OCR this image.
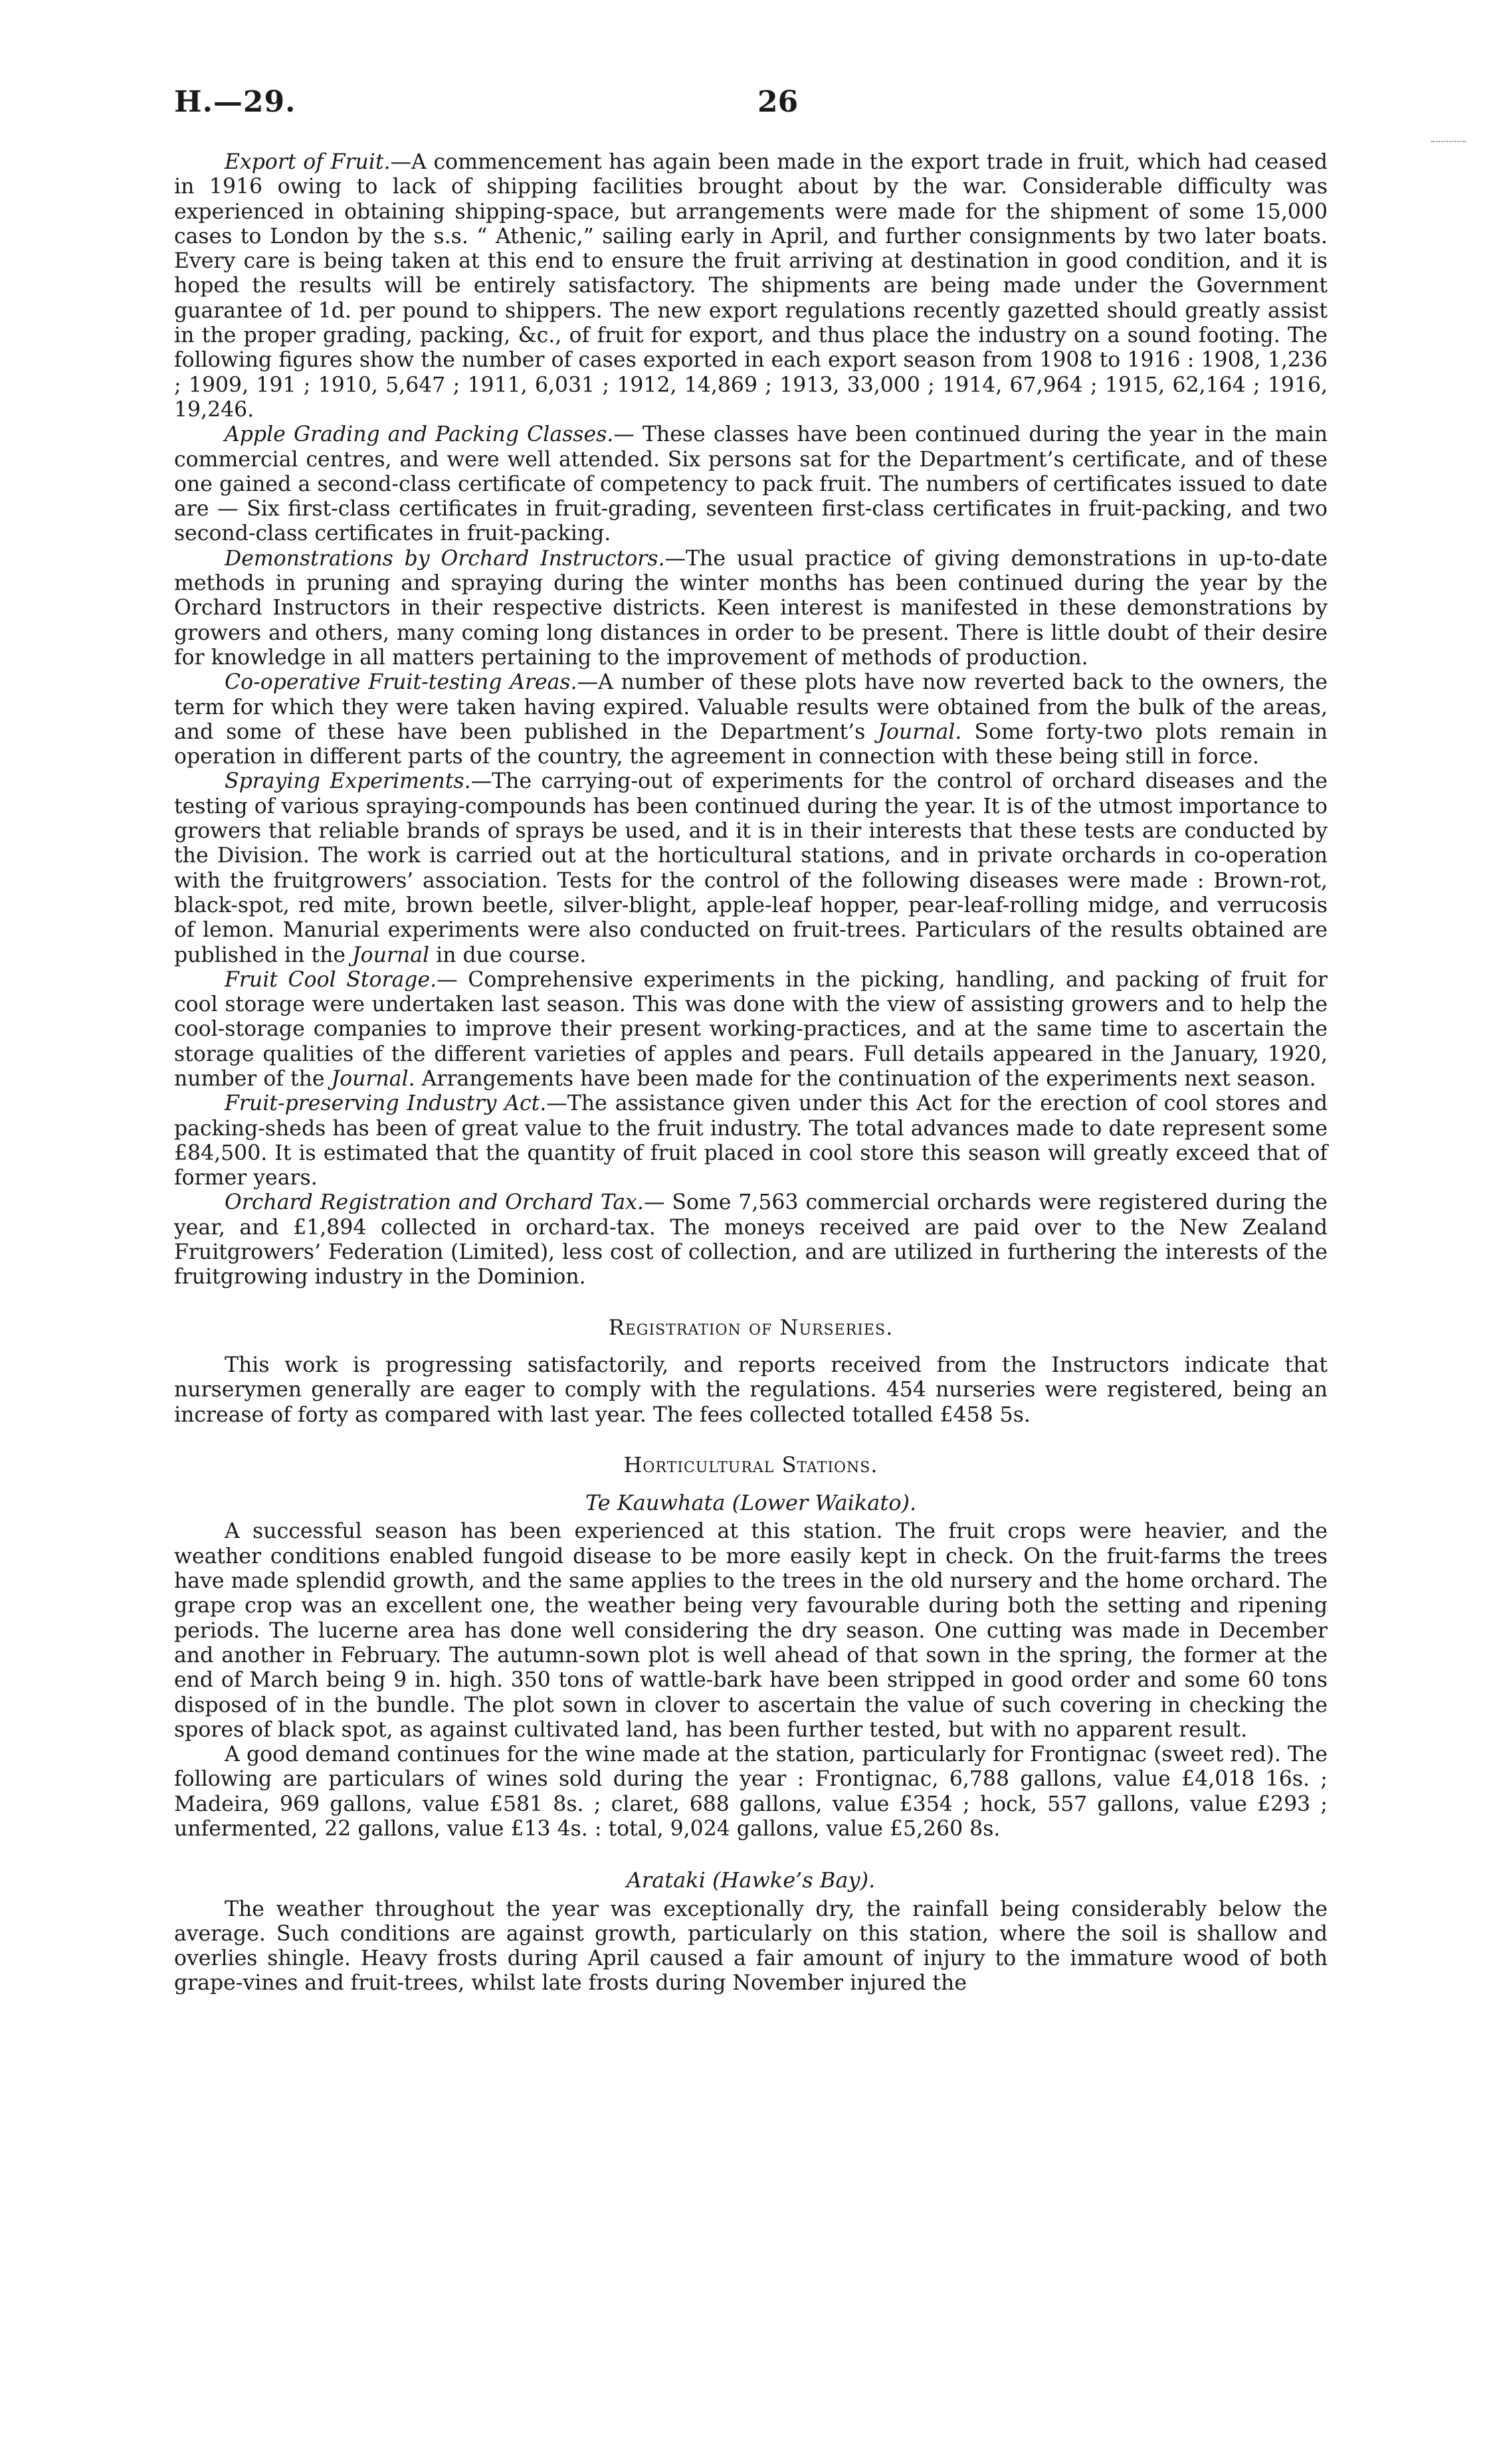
H.—29.	26

Export of Fruit.—A commencement has again been made in the export trade in fruit, which had ceased in 1916 owing to lack of shipping facilities brought about by the war. Considerable difficulty was experienced in obtaining shipping-space, but arrangements were made for the shipment of some 15,000 cases to London by the s.s. “ Athenic,” sailing early in April, and further consignments by two later boats. Every care is being taken at this end to ensure the fruit arriving at destination in good condition, and it is hoped the results will be entirely satisfactory. The shipments are being made under the Government guarantee of 1d. per pound to shippers. The new export regulations recently gazetted should greatly assist in the proper grading, packing, &c., of fruit for export, and thus place the industry on a sound footing. The following figures show the number of cases exported in each export season from 1908 to 1916 : 1908, 1,236 ; 1909, 191 ; 1910, 5,647 ; 1911, 6,031 ; 1912, 14,869 ; 1913, 33,000 ; 1914, 67,964 ; 1915, 62,164 ; 1916, 19,246.

Apple Grading and Packing Classes.— These classes have been continued during the year in the main commercial centres, and were well attended. Six persons sat for the Department’s certificate, and of these one gained a second-class certificate of competency to pack fruit. The numbers of certificates issued to date are — Six first-class certificates in fruit-grading, seventeen first-class certificates in fruit-packing, and two second-class certificates in fruit-packing.

Demonstrations by Orchard Instructors.—The usual practice of giving demonstrations in up-to-date methods in pruning and spraying during the winter months has been continued during the year by the Orchard Instructors in their respective districts. Keen interest is manifested in these demonstrations by growers and others, many coming long distances in order to be present. There is little doubt of their desire for knowledge in all matters pertaining to the improvement of methods of production.

Co-operative Fruit-testing Areas.—A number of these plots have now reverted back to the owners, the term for which they were taken having expired. Valuable results were obtained from the bulk of the areas, and some of these have been published in the Department’s Journal. Some forty-two plots remain in operation in different parts of the country, the agreement in connection with these being still in force.

Spraying Experiments.—The carrying-out of experiments for the control of orchard diseases and the testing of various spraying-compounds has been continued during the year. It is of the utmost importance to growers that reliable brands of sprays be used, and it is in their interests that these tests are conducted by the Division. The work is carried out at the horticultural stations, and in private orchards in co-operation with the fruitgrowers’ association. Tests for the control of the following diseases were made : Brown-rot, black-spot, red mite, brown beetle, silver-blight, apple-leaf hopper, pear-leaf-rolling midge, and verrucosis of lemon. Manurial experiments were also conducted on fruit-trees. Particulars of the results obtained are published in the Journal in due course.

Fruit Cool Storage.— Comprehensive experiments in the picking, handling, and packing of fruit for cool storage were undertaken last season. This was done with the view of assisting growers and to help the cool-storage companies to improve their present working-practices, and at the same time to ascertain the storage qualities of the different varieties of apples and pears. Full details appeared in the January, 1920, number of the Journal. Arrangements have been made for the continuation of the experiments next season.

Fruit-preserving Industry Act.—The assistance given under this Act for the erection of cool stores and packing-sheds has been of great value to the fruit industry. The total advances made to date represent some £84,500. It is estimated that the quantity of fruit placed in cool store this season will greatly exceed that of former years.

Orchard Registration and Orchard Tax.— Some 7,563 commercial orchards were registered during the year, and £1,894 collected in orchard-tax. The moneys received are paid over to the New Zealand Fruitgrowers’ Federation (Limited), less cost of collection, and are utilized in furthering the interests of the fruitgrowing industry in the Dominion.

Registration of Nurseries.

This work is progressing satisfactorily, and reports received from the Instructors indicate that nurserymen generally are eager to comply with the regulations. 454 nurseries were registered, being an increase of forty as compared with last year. The fees collected totalled £458 5s.

Horticultural Stations.
Te Kauwhata (Lower Waikato).

A successful season has been experienced at this station. The fruit crops were heavier, and the weather conditions enabled fungoid disease to be more easily kept in check. On the fruit-farms the trees have made splendid growth, and the same applies to the trees in the old nursery and the home orchard. The grape crop was an excellent one, the weather being very favourable during both the setting and ripening periods. The lucerne area has done well considering the dry season. One cutting was made in December and another in February. The autumn-sown plot is well ahead of that sown in the spring, the former at the end of March being 9 in. high. 350 tons of wattle-bark have been stripped in good order and some 60 tons disposed of in the bundle. The plot sown in clover to ascertain the value of such covering in checking the spores of black spot, as against cultivated land, has been further tested, but with no apparent result.

A good demand continues for the wine made at the station, particularly for Frontignac (sweet red). The following are particulars of wines sold during the year : Frontignac, 6,788 gallons, value £4,018 16s. ; Madeira, 969 gallons, value £581 8s. ; claret, 688 gallons, value £354 ; hock, 557 gallons, value £293 ; unfermented, 22 gallons, value £13 4s. : total, 9,024 gallons, value £5,260 8s.

Arataki (Hawke’s Bay).

The weather throughout the year was exceptionally dry, the rainfall being considerably below the average. Such conditions are against growth, particularly on this station, where the soil is shallow and overlies shingle. Heavy frosts during April caused a fair amount of injury to the immature wood of both grape-vines and fruit-trees, whilst late frosts during November injured the
